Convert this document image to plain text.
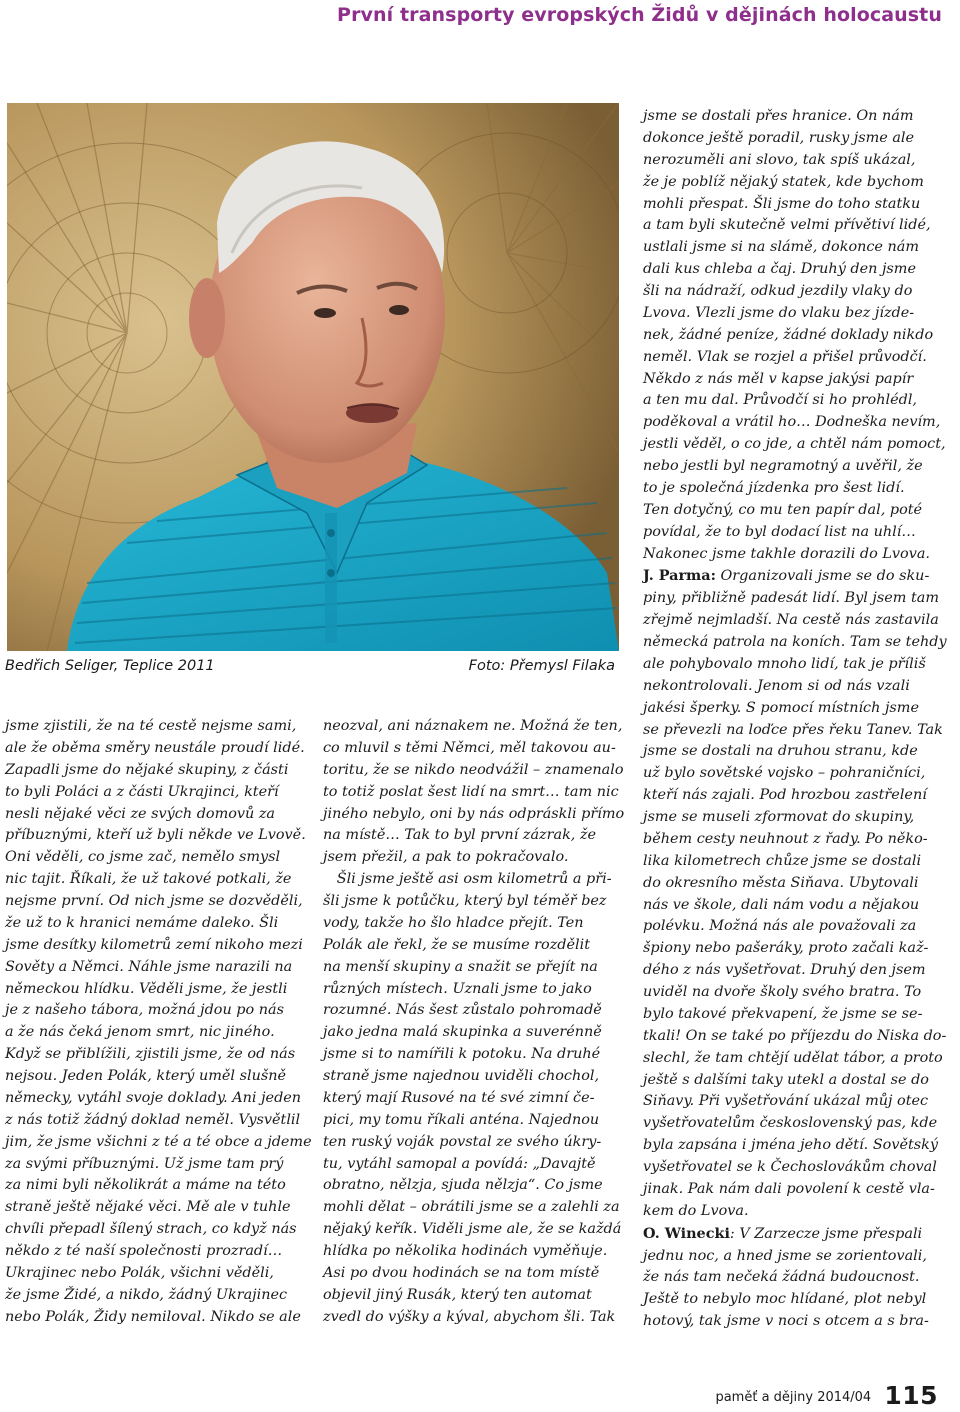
První transporty evropských Židů v dějinách holocaustu
Bedřich Seliger, Teplice 2011	Foto: Přemysl Filaka

jsme zjistili, že na té cestě nejsme sami,

ale že oběma směry neustále proudí lidé.

Zapadli jsme do nějaké skupiny, z části

to byli Poláci a z části Ukrajinci, kteří

nesli nějaké věci ze svých domovů za

příbuznými, kteří už byli někde ve Lvově.

Oni věděli, co jsme zač, nemělo smysl

nic tajit. Říkali, že už takové potkali, že

nejsme první. Od nich jsme se dozvěděli,

že už to k hranici nemáme daleko. Šli

jsme desítky kilometrů zemí nikoho mezi

Sověty a Němci. Náhle jsme narazili na

německou hlídku. Věděli jsme, že jestli

je z našeho tábora, možná jdou po nás

a že nás čeká jenom smrt, nic jiného.

Když se přiblížili, zjistili jsme, že od nás

nejsou. Jeden Polák, který uměl slušně

německy, vytáhl svoje doklady. Ani jeden

z nás totiž žádný doklad neměl. Vysvětlil

jim, že jsme všichni z té a té obce a jdeme

za svými příbuznými. Už jsme tam prý

za nimi byli několikrát a máme na této

straně ještě nějaké věci. Mě ale v tuhle

chvíli přepadl šílený strach, co když nás

někdo z té naší společnosti prozradí…

Ukrajinec nebo Polák, všichni věděli,

že jsme Židé, a nikdo, žádný Ukrajinec

nebo Polák, Židy nemiloval. Nikdo se ale

neozval, ani náznakem ne. Možná že ten,

co mluvil s těmi Němci, měl takovou au-

toritu, že se nikdo neodvážil – znamenalo

to totiž poslat šest lidí na smrt… tam nic

jiného nebylo, oni by nás odpráskli přímo

na místě… Tak to byl první zázrak, že

jsem přežil, a pak to pokračovalo.

Šli jsme ještě asi osm kilometrů a při-

šli jsme k potůčku, který byl téměř bez

vody, takže ho šlo hladce přejít. Ten

Polák ale řekl, že se musíme rozdělit

na menší skupiny a snažit se přejít na

různých místech. Uznali jsme to jako

rozumné. Nás šest zůstalo pohromadě

jako jedna malá skupinka a suverénně

jsme si to namířili k potoku. Na druhé

straně jsme najednou uviděli chochol,

který mají Rusové na té své zimní če-

pici, my tomu říkali anténa. Najednou

ten ruský voják povstal ze svého úkry-

tu, vytáhl samopal a povídá: „Davajtě

obratno, nělzja, sjuda nělzja“. Co jsme

mohli dělat – obrátili jsme se a zalehli za

nějaký keřík. Viděli jsme ale, že se každá

hlídka po několika hodinách vyměňuje.

Asi po dvou hodinách se na tom místě

objevil jiný Rusák, který ten automat

zvedl do výšky a kýval, abychom šli. Tak

jsme se dostali přes hranice. On nám

dokonce ještě poradil, rusky jsme ale

nerozuměli ani slovo, tak spíš ukázal,

že je poblíž nějaký statek, kde bychom

mohli přespat. Šli jsme do toho statku

a tam byli skutečně velmi přívětiví lidé,

ustlali jsme si na slámě, dokonce nám

dali kus chleba a čaj. Druhý den jsme

šli na nádraží, odkud jezdily vlaky do

Lvova. Vlezli jsme do vlaku bez jízde-

nek, žádné peníze, žádné doklady nikdo

neměl. Vlak se rozjel a přišel průvodčí.

Někdo z nás měl v kapse jakýsi papír

a ten mu dal. Průvodčí si ho prohlédl,

poděkoval a vrátil ho… Dodneška nevím,

jestli věděl, o co jde, a chtěl nám pomoct,

nebo jestli byl negramotný a uvěřil, že

to je společná jízdenka pro šest lidí.

Ten dotyčný, co mu ten papír dal, poté

povídal, že to byl dodací list na uhlí…

Nakonec jsme takhle dorazili do Lvova.

J. Parma: Organizovali jsme se do sku-

piny, přibližně padesát lidí. Byl jsem tam

zřejmě nejmladší. Na cestě nás zastavila

německá patrola na koních. Tam se tehdy

ale pohybovalo mnoho lidí, tak je příliš

nekontrolovali. Jenom si od nás vzali

jakési šperky. S pomocí místních jsme

se převezli na loďce přes řeku Tanev. Tak

jsme se dostali na druhou stranu, kde

už bylo sovětské vojsko – pohraničníci,

kteří nás zajali. Pod hrozbou zastřelení

jsme se museli zformovat do skupiny,

během cesty neuhnout z řady. Po něko-

lika kilometrech chůze jsme se dostali

do okresního města Siňava. Ubytovali

nás ve škole, dali nám vodu a nějakou

polévku. Možná nás ale považovali za

špiony nebo pašeráky, proto začali kaž-

dého z nás vyšetřovat. Druhý den jsem

uviděl na dvoře školy svého bratra. To

bylo takové překvapení, že jsme se se-

tkali! On se také po příjezdu do Niska do-

slechl, že tam chtějí udělat tábor, a proto

ještě s dalšími taky utekl a dostal se do

Siňavy. Při vyšetřování ukázal můj otec

vyšetřovatelům československý pas, kde

byla zapsána i jména jeho dětí. Sovětský

vyšetřovatel se k Čechoslovákům choval

jinak. Pak nám dali povolení k cestě vla-

kem do Lvova.

O. Winecki: V Zarzecze jsme přespali

jednu noc, a hned jsme se zorientovali,

že nás tam nečeká žádná budoucnost.

Ještě to nebylo moc hlídané, plot nebyl

hotový, tak jsme v noci s otcem a s bra-

paměť a dějiny 2014/04 115
